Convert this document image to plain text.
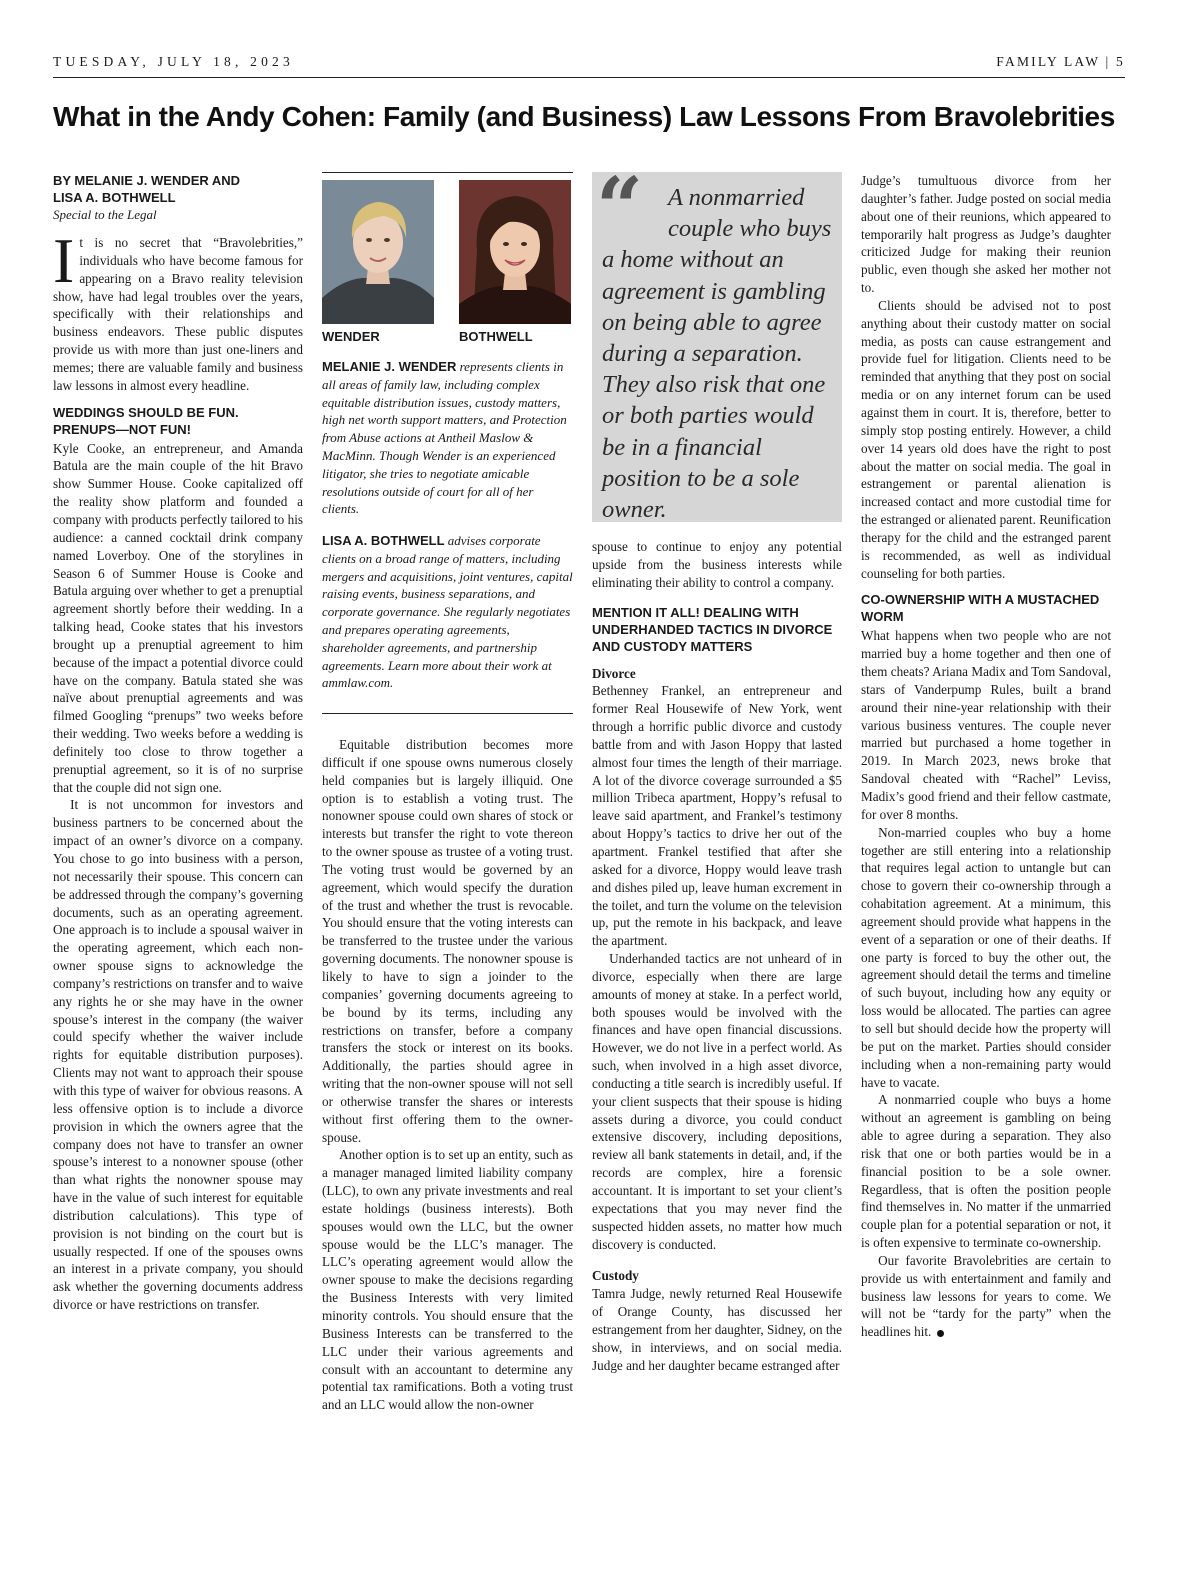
TUESDAY, JULY 18, 2023	FAMILY LAW | 5
What in the Andy Cohen: Family (and Business) Law Lessons From Bravolebrities
BY MELANIE J. WENDER AND
LISA A. BOTHWELL
Special to the Legal

It is no secret that “Bravolebrities,” individuals who have become famous for appearing on a Bravo reality television show, have had legal troubles over the years, specifically with their relationships and business endeavors. These public disputes provide us with more than just one-liners and memes; there are valuable family and business law lessons in almost every headline.

WEDDINGS SHOULD BE FUN. PRENUPS—NOT FUN!

Kyle Cooke, an entrepreneur, and Amanda Batula are the main couple of the hit Bravo show Summer House. Cooke capitalized off the reality show platform and founded a company with products perfectly tailored to his audience: a canned cocktail drink company named Loverboy. One of the storylines in Season 6 of Summer House is Cooke and Batula arguing over whether to get a prenuptial agreement shortly before their wedding. In a talking head, Cooke states that his investors brought up a prenuptial agreement to him because of the impact a potential divorce could have on the company. Batula stated she was naïve about prenuptial agreements and was filmed Googling “prenups” two weeks before their wedding. Two weeks before a wedding is definitely too close to throw together a prenuptial agreement, so it is of no surprise that the couple did not sign one.

It is not uncommon for investors and business partners to be concerned about the impact of an owner’s divorce on a company. You chose to go into business with a person, not necessarily their spouse. This concern can be addressed through the company’s governing documents, such as an operating agreement. One approach is to include a spousal waiver in the operating agreement, which each non-owner spouse signs to acknowledge the company’s restrictions on transfer and to waive any rights he or she may have in the owner spouse’s interest in the company (the waiver could specify whether the waiver include rights for equitable distribution purposes). Clients may not want to approach their spouse with this type of waiver for obvious reasons. A less offensive option is to include a divorce provision in which the owners agree that the company does not have to transfer an owner spouse’s interest to a nonowner spouse (other than what rights the nonowner spouse may have in the value of such interest for equitable distribution calculations). This type of provision is not binding on the court but is usually respected. If one of the spouses owns an interest in a private company, you should ask whether the governing documents address divorce or have restrictions on transfer.

WENDER	BOTHWELL
MELANIE J. WENDER represents clients in all areas of family law, including complex equitable distribution issues, custody matters, high net worth support matters, and Protection from Abuse actions at Antheil Maslow & MacMinn. Though Wender is an experienced litigator, she tries to negotiate amicable resolutions outside of court for all of her clients.
LISA A. BOTHWELL advises corporate clients on a broad range of matters, including mergers and acquisitions, joint ventures, capital raising events, business separations, and corporate governance. She regularly negotiates and prepares operating agreements, shareholder agreements, and partnership agreements. Learn more about their work at ammlaw.com.

Equitable distribution becomes more difficult if one spouse owns numerous closely held companies but is largely illiquid. One option is to establish a voting trust. The nonowner spouse could own shares of stock or interests but transfer the right to vote thereon to the owner spouse as trustee of a voting trust. The voting trust would be governed by an agreement, which would specify the duration of the trust and whether the trust is revocable. You should ensure that the voting interests can be transferred to the trustee under the various governing documents. The nonowner spouse is likely to have to sign a joinder to the companies’ governing documents agreeing to be bound by its terms, including any restrictions on transfer, before a company transfers the stock or interest on its books. Additionally, the parties should agree in writing that the non-owner spouse will not sell or otherwise transfer the shares or interests without first offering them to the owner-spouse.

Another option is to set up an entity, such as a manager managed limited liability company (LLC), to own any private investments and real estate holdings (business interests). Both spouses would own the LLC, but the owner spouse would be the LLC’s manager. The LLC’s operating agreement would allow the owner spouse to make the decisions regarding the Business Interests with very limited minority controls. You should ensure that the Business Interests can be transferred to the LLC under their various agreements and consult with an accountant to determine any potential tax ramifications. Both a voting trust and an LLC would allow the non-owner

“	A nonmarried couple who buys a home without an agreement is gambling on being able to agree during a separation. They also risk that one or both parties would be in a financial position to be a sole owner.

spouse to continue to enjoy any potential upside from the business interests while eliminating their ability to control a company.

MENTION IT ALL! DEALING WITH UNDERHANDED TACTICS IN DIVORCE AND CUSTODY MATTERS
Divorce

Bethenney Frankel, an entrepreneur and former Real Housewife of New York, went through a horrific public divorce and custody battle from and with Jason Hoppy that lasted almost four times the length of their marriage. A lot of the divorce coverage surrounded a $5 million Tribeca apartment, Hoppy’s refusal to leave said apartment, and Frankel’s testimony about Hoppy’s tactics to drive her out of the apartment. Frankel testified that after she asked for a divorce, Hoppy would leave trash and dishes piled up, leave human excrement in the toilet, and turn the volume on the television up, put the remote in his backpack, and leave the apartment.

Underhanded tactics are not unheard of in divorce, especially when there are large amounts of money at stake. In a perfect world, both spouses would be involved with the finances and have open financial discussions. However, we do not live in a perfect world. As such, when involved in a high asset divorce, conducting a title search is incredibly useful. If your client suspects that their spouse is hiding assets during a divorce, you could conduct extensive discovery, including depositions, review all bank statements in detail, and, if the records are complex, hire a forensic accountant. It is important to set your client’s expectations that you may never find the suspected hidden assets, no matter how much discovery is conducted.

Custody

Tamra Judge, newly returned Real Housewife of Orange County, has discussed her estrangement from her daughter, Sidney, on the show, in interviews, and on social media. Judge and her daughter became estranged after

Judge’s tumultuous divorce from her daughter’s father. Judge posted on social media about one of their reunions, which appeared to temporarily halt progress as Judge’s daughter criticized Judge for making their reunion public, even though she asked her mother not to.

Clients should be advised not to post anything about their custody matter on social media, as posts can cause estrangement and provide fuel for litigation. Clients need to be reminded that anything that they post on social media or on any internet forum can be used against them in court. It is, therefore, better to simply stop posting entirely. However, a child over 14 years old does have the right to post about the matter on social media. The goal in estrangement or parental alienation is increased contact and more custodial time for the estranged or alienated parent. Reunification therapy for the child and the estranged parent is recommended, as well as individual counseling for both parties.

CO-OWNERSHIP WITH A MUSTACHED WORM

What happens when two people who are not married buy a home together and then one of them cheats? Ariana Madix and Tom Sandoval, stars of Vanderpump Rules, built a brand around their nine-year relationship with their various business ventures. The couple never married but purchased a home together in 2019. In March 2023, news broke that Sandoval cheated with “Rachel” Leviss, Madix’s good friend and their fellow castmate, for over 8 months.

Non-married couples who buy a home together are still entering into a relationship that requires legal action to untangle but can chose to govern their co-ownership through a cohabitation agreement. At a minimum, this agreement should provide what happens in the event of a separation or one of their deaths. If one party is forced to buy the other out, the agreement should detail the terms and timeline of such buyout, including how any equity or loss would be allocated. The parties can agree to sell but should decide how the property will be put on the market. Parties should consider including when a non-remaining party would have to vacate.

A nonmarried couple who buys a home without an agreement is gambling on being able to agree during a separation. They also risk that one or both parties would be in a financial position to be a sole owner. Regardless, that is often the position people find themselves in. No matter if the unmarried couple plan for a potential separation or not, it is often expensive to terminate co-ownership.

Our favorite Bravolebrities are certain to provide us with entertainment and family and business law lessons for years to come. We will not be “tardy for the party” when the headlines hit.
